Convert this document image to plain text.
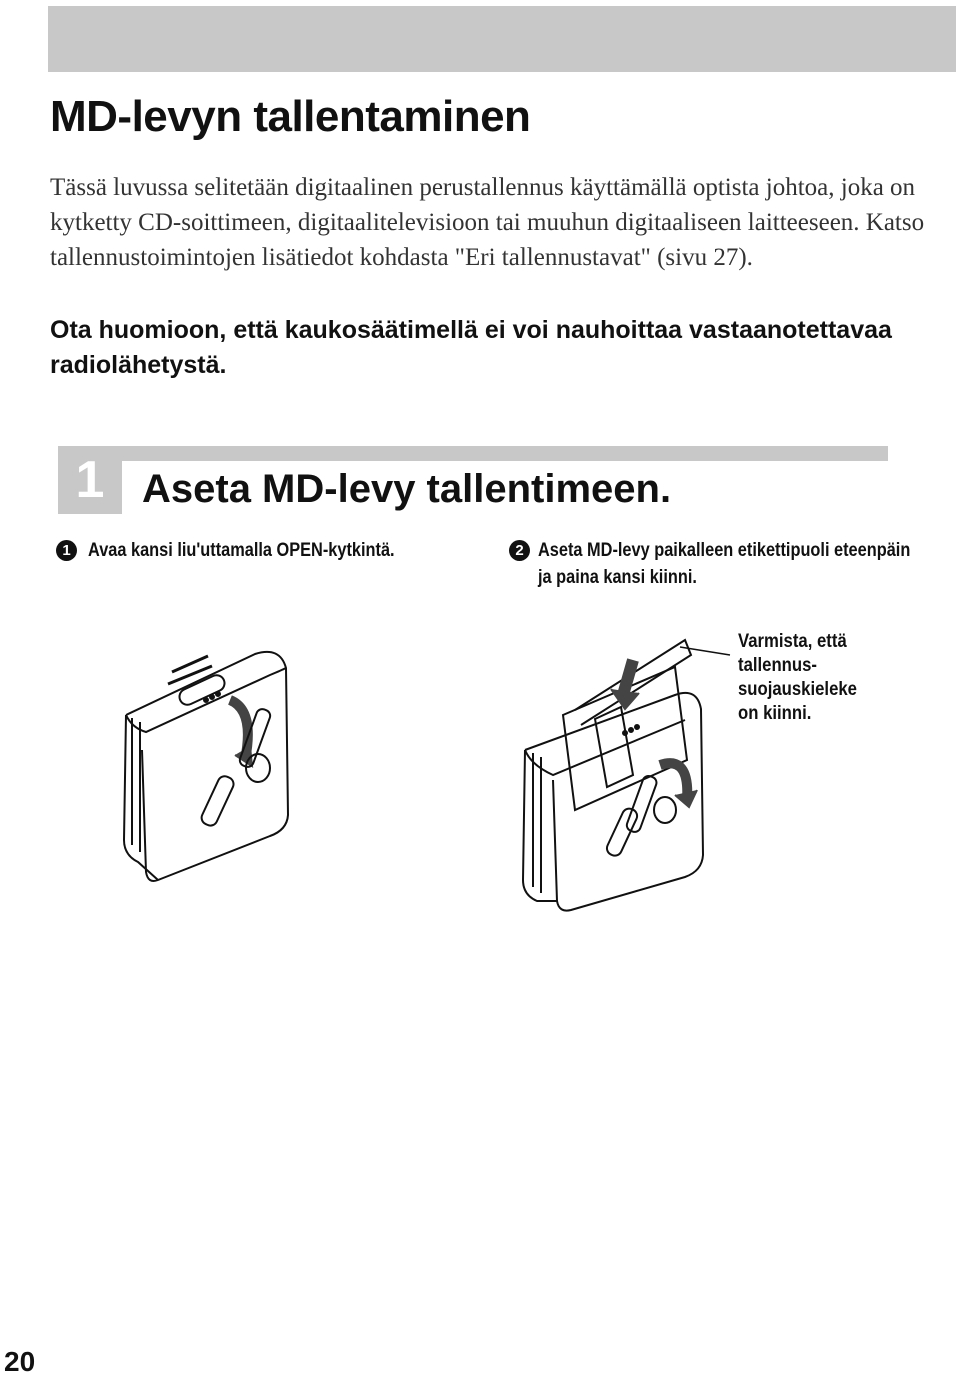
MD-levyn tallentaminen

Tässä luvussa selitetään digitaalinen perustallennus käyttämällä optista johtoa, joka on kytketty CD-soittimeen, digitaalitelevisioon tai muuhun digitaaliseen laitteeseen. Katso tallennustoimintojen lisätiedot kohdasta "Eri tallennustavat" (sivu 27).

Ota huomioon, että kaukosäätimellä ei voi nauhoittaa vastaanotettavaa radiolähetystä.

1 Aseta MD-levy tallentimeen.
1 Avaa kansi liu'uttamalla OPEN-kytkintä.	2 Aseta MD-levy paikalleen etikettipuoli eteenpäin ja paina kansi kiinni.

Varmista, että
tallennus-
suojauskieleke
on kiinni.

20
